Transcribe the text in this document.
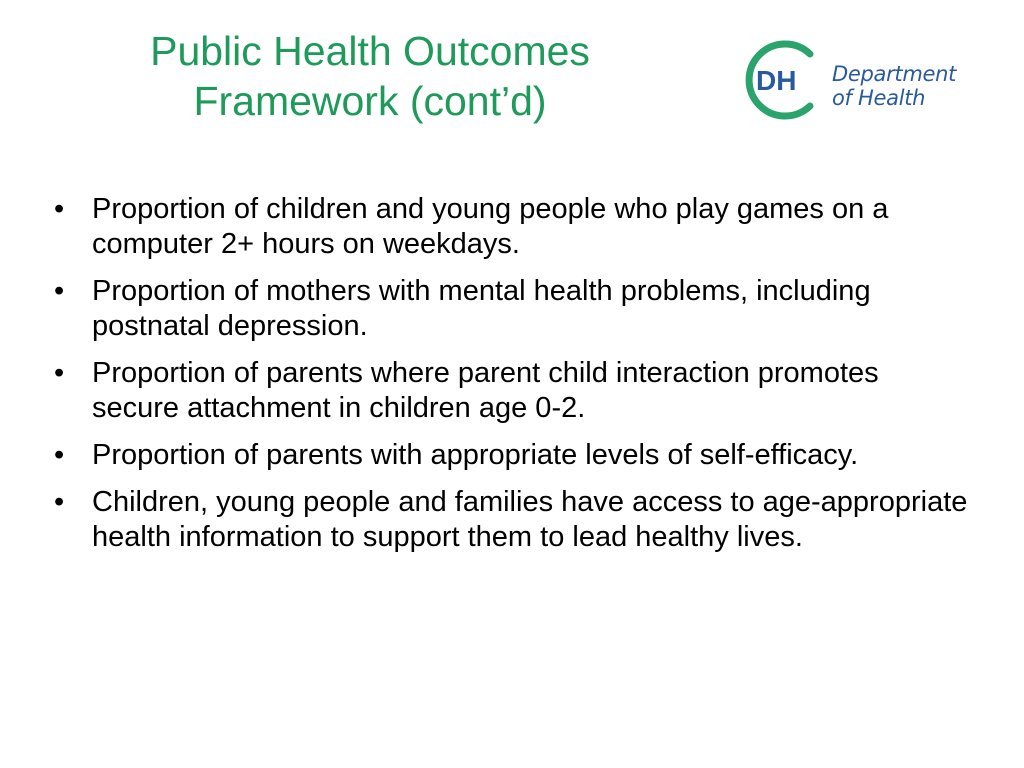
Public Health Outcomes
Framework (cont’d)	DH Department
of Health
• Proportion of children and young people who play games on a computer 2+ hours on weekdays.
• Proportion of mothers with mental health problems, including postnatal depression.
• Proportion of parents where parent child interaction promotes secure attachment in children age 0-2.
• Proportion of parents with appropriate levels of self-efficacy.
• Children, young people and families have access to age-appropriate health information to support them to lead healthy lives.
